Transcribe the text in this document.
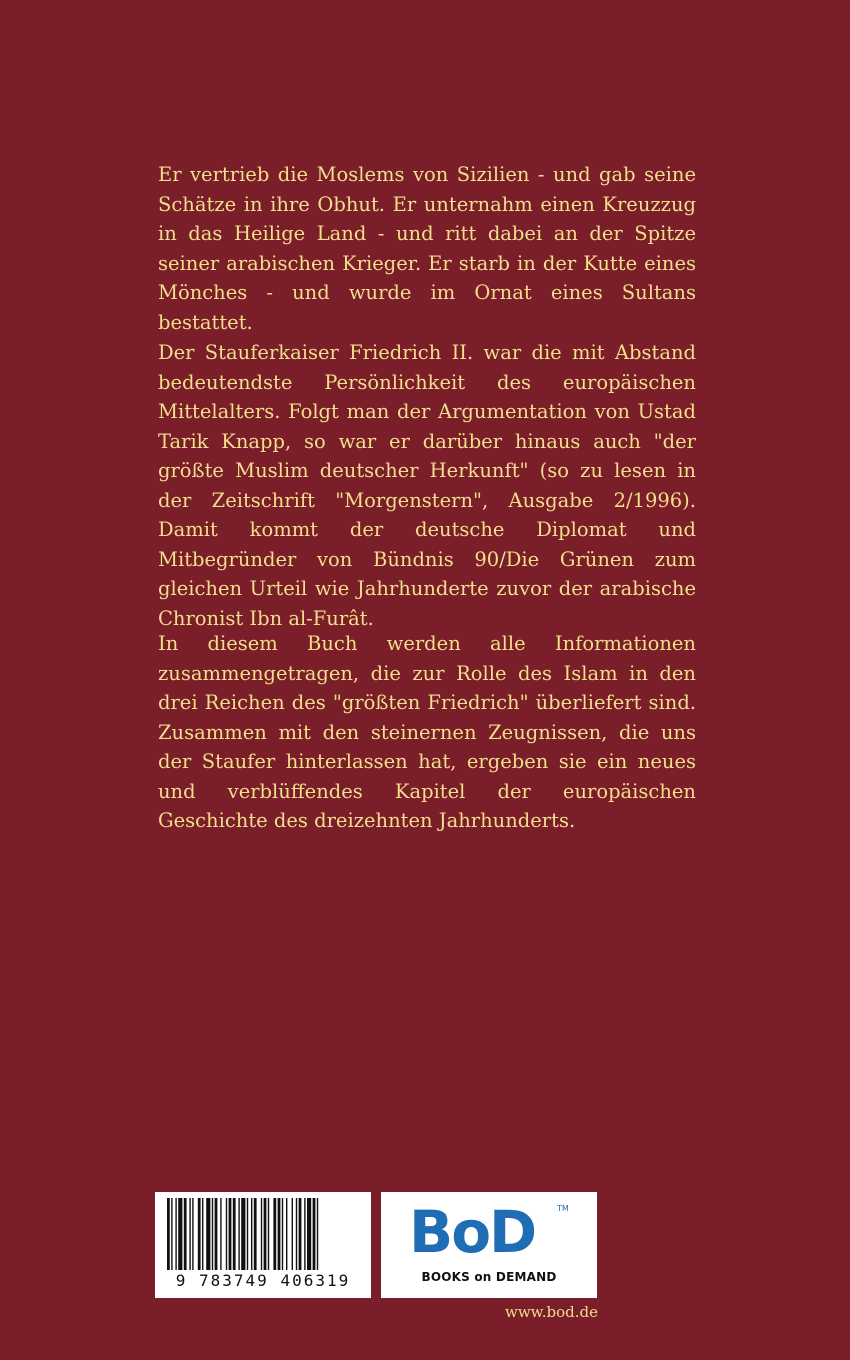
Er vertrieb die Moslems von Sizilien - und gab seine Schätze in ihre Obhut. Er unternahm einen Kreuzzug in das Heilige Land - und ritt dabei an der Spitze seiner arabischen Krieger. Er starb in der Kutte eines Mönches - und wurde im Ornat eines Sultans bestattet.

Der Stauferkaiser Friedrich II. war die mit Abstand bedeutendste Persönlichkeit des europäischen Mittelalters. Folgt man der Argumentation von Ustad Tarik Knapp, so war er darüber hinaus auch "der größte Muslim deutscher Herkunft" (so zu lesen in der Zeitschrift "Morgenstern", Ausgabe 2/1996). Damit kommt der deutsche Diplomat und Mitbegründer von Bündnis 90/Die Grünen zum gleichen Urteil wie Jahrhunderte zuvor der arabische Chronist Ibn al-Furât.

In diesem Buch werden alle Informationen zusammengetragen, die zur Rolle des Islam in den drei Reichen des "größten Friedrich" überliefert sind. Zusammen mit den steinernen Zeugnissen, die uns der Staufer hinterlassen hat, ergeben sie ein neues und verblüffendes Kapitel der europäischen Geschichte des dreizehnten Jahrhunderts.

9 783749 406319
BoD	TM
BOOKS on DEMAND
www.bod.de
